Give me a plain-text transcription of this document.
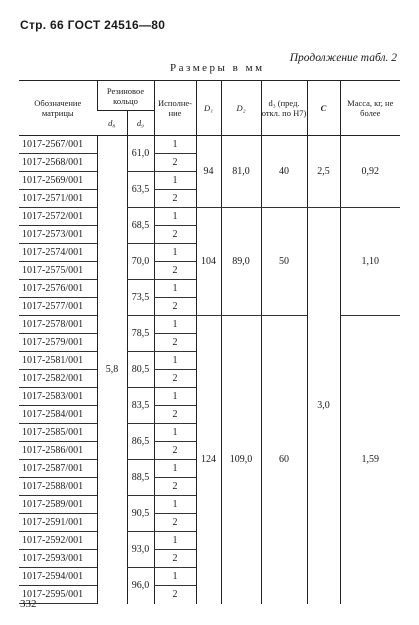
Стр. 66 ГОСТ 24516—80
Продолжение табл. 2
Размеры в мм
Обозначение матрицы	Резиновое кольцо		Исполне-ние	D₁	D₂	d₃ (пред. откл. по H7)	C	Масса, кг, не более
	d₈	d₉						
1017-2567/001	5,8	61,0	1	94	81,0	40	2,5	0,92
1017-2568/001			2					
1017-2569/001		63,5	1					
1017-2571/001			2					
1017-2572/001		68,5	1	104	89,0	50	3,0	1,10
1017-2573/001			2					
1017-2574/001		70,0	1					
1017-2575/001			2					
1017-2576/001		73,5	1					
1017-2577/001			2					
1017-2578/001		78,5	1	124	109,0	60		1,59
1017-2579/001			2					
1017-2581/001		80,5	1					
1017-2582/001			2					
1017-2583/001		83,5	1					
1017-2584/001			2					
1017-2585/001		86,5	1					
1017-2586/001			2					
1017-2587/001		88,5	1					
1017-2588/001			2					
1017-2589/001		90,5	1					
1017-2591/001			2					
1017-2592/001		93,0	1					
1017-2593/001			2					
1017-2594/001		96,0	1					
1017-2595/001			2					
332
